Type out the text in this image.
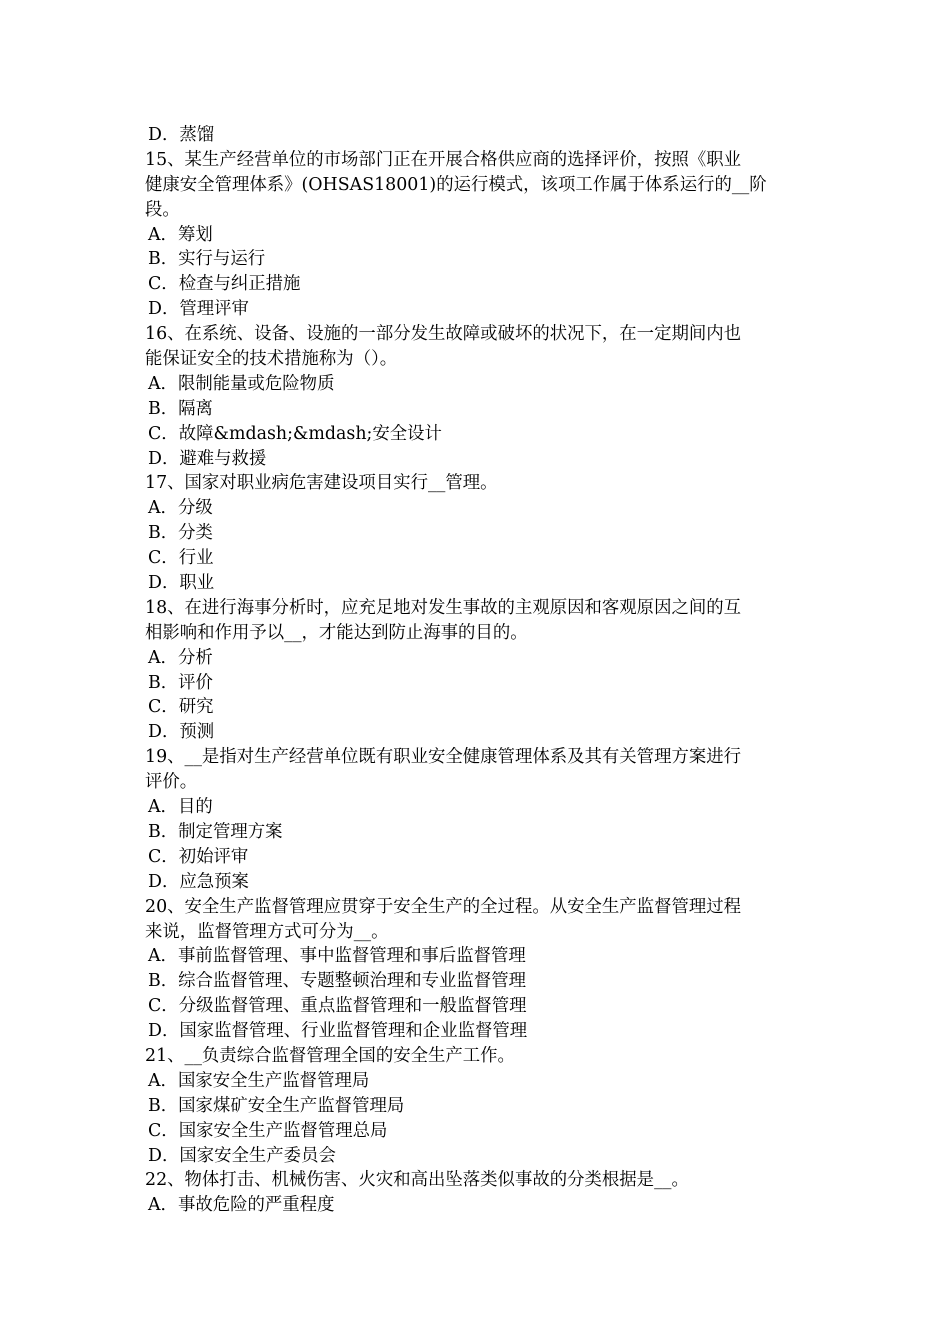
D．蒸馏
15、某生产经营单位的市场部门正在开展合格供应商的选择评价，按照《职业
健康安全管理体系》(OHSAS18001)的运行模式，该项工作属于体系运行的__阶
段。
A．筹划
B．实行与运行
C．检查与纠正措施
D．管理评审
16、在系统、设备、设施的一部分发生故障或破坏的状况下，在一定期间内也
能保证安全的技术措施称为（）。
A．限制能量或危险物质
B．隔离
C．故障&mdash;&mdash;安全设计
D．避难与救援
17、国家对职业病危害建设项目实行__管理。
A．分级
B．分类
C．行业
D．职业
18、在进行海事分析时，应充足地对发生事故的主观原因和客观原因之间的互
相影响和作用予以__，才能达到防止海事的目的。
A．分析
B．评价
C．研究
D．预测
19、__是指对生产经营单位既有职业安全健康管理体系及其有关管理方案进行
评价。
A．目的
B．制定管理方案
C．初始评审
D．应急预案
20、安全生产监督管理应贯穿于安全生产的全过程。从安全生产监督管理过程
来说，监督管理方式可分为__。
A．事前监督管理、事中监督管理和事后监督管理
B．综合监督管理、专题整顿治理和专业监督管理
C．分级监督管理、重点监督管理和一般监督管理
D．国家监督管理、行业监督管理和企业监督管理
21、__负责综合监督管理全国的安全生产工作。
A．国家安全生产监督管理局
B．国家煤矿安全生产监督管理局
C．国家安全生产监督管理总局
D．国家安全生产委员会
22、物体打击、机械伤害、火灾和高出坠落类似事故的分类根据是__。
A．事故危险的严重程度
